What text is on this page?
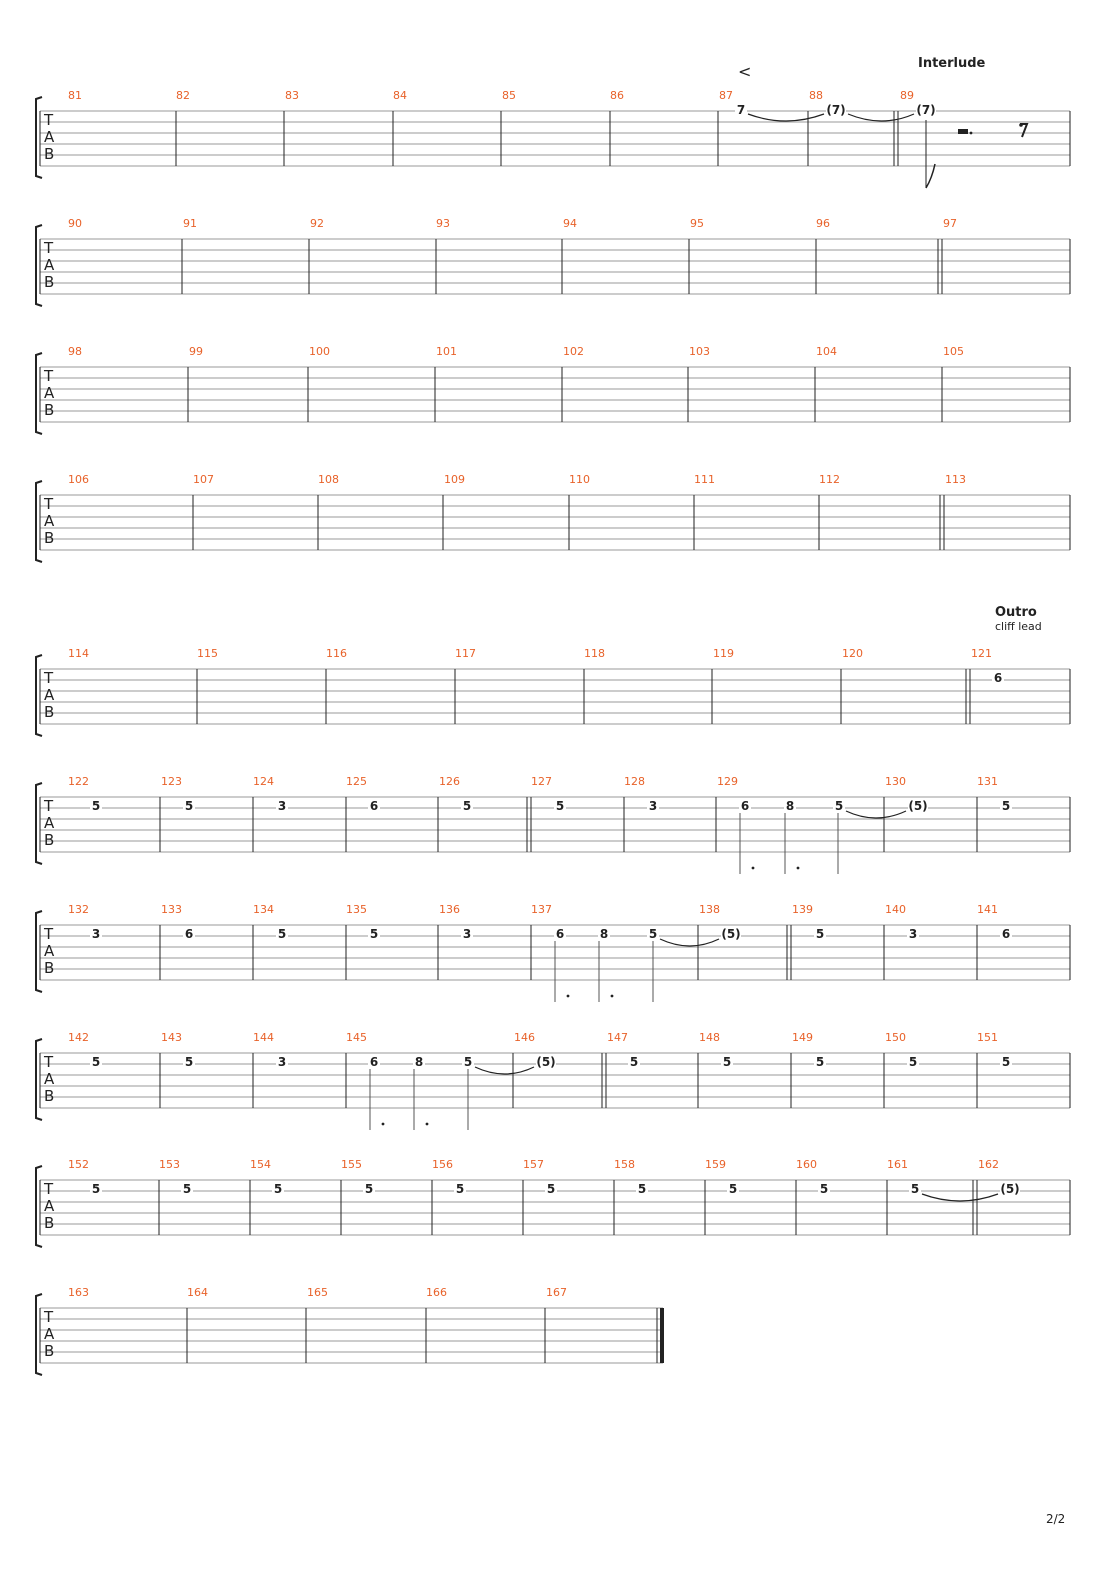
Interlude
Outro
cliff lead
<
2/2
T
A
B
81	82	83	84	85	86	87	88	89
7	(7)	(7)
T
A
B
90	91	92	93	94	95	96	97
T
A
B
98	99	100	101	102	103	104	105
T
A
B
106	107	108	109	110	111	112	113
T
A
B
114	115	116	117	118	119	120	121
6
T
A
B
122	123	124	125	126	127	128	129	130	131
5	5	3	6	5	5	3	6	8	5	(5)	5
T
A
B
132	133	134	135	136	137	138	139	140	141
3	6	5	5	3	6	8	5	(5)	5	3	6
T
A
B
142	143	144	145	146	147	148	149	150	151
5	5	3	6	8	5	(5)	5	5	5	5	5
T
A
B
152	153	154	155	156	157	158	159	160	161	162
5	5	5	5	5	5	5	5	5	5	(5)
T
A
B
163	164	165	166	167
